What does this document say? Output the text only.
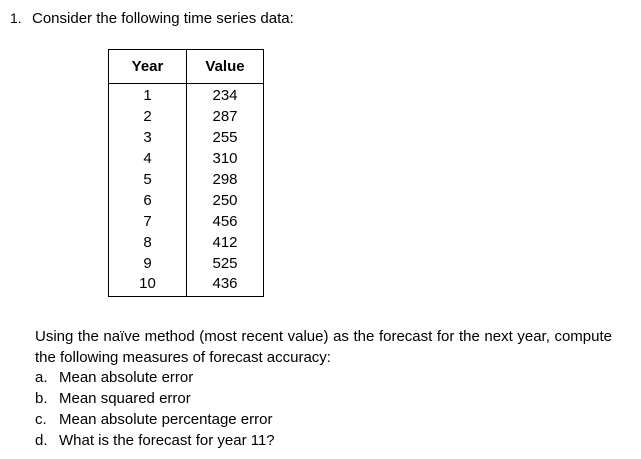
1. Consider the following time series data:
Year	Value
1	234
2	287
3	255
4	310
5	298
6	250
7	456
8	412
9	525
10	436
Using the naïve method (most recent value) as the forecast for the next year, compute the following measures of forecast accuracy:
a. Mean absolute error
b. Mean squared error
c. Mean absolute percentage error
d. What is the forecast for year 11?
